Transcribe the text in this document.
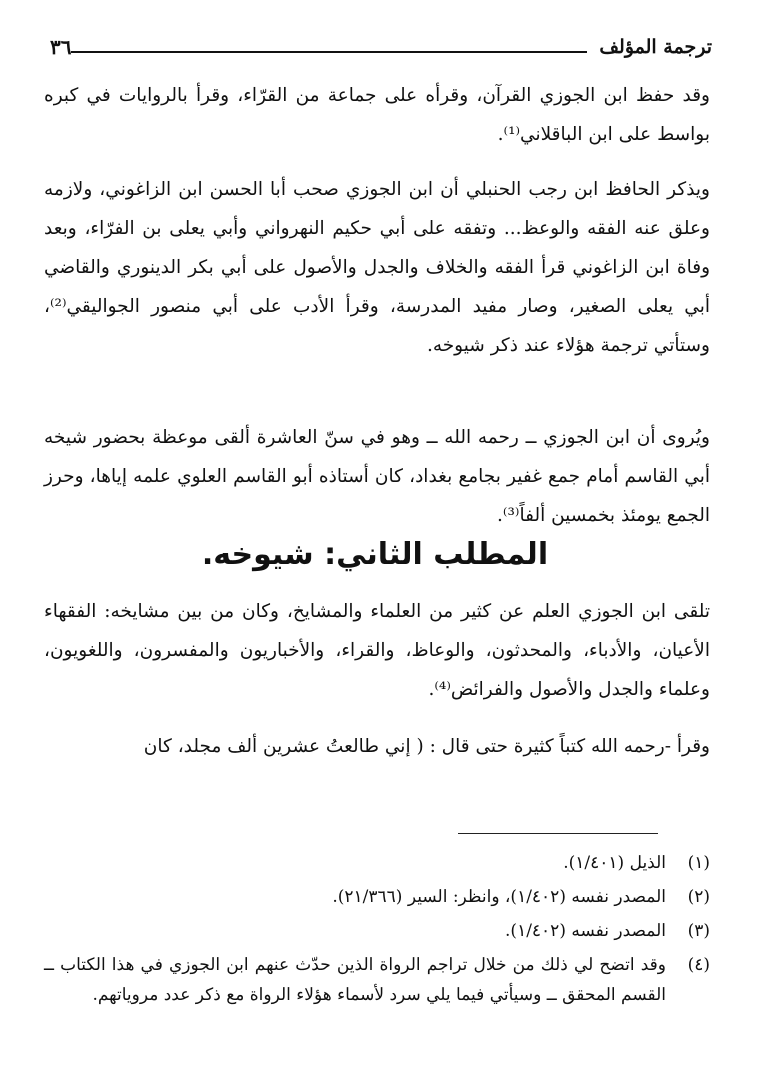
ترجمة المؤلف
٣٦

وقد حفظ ابن الجوزي القرآن، وقرأه على جماعة من القرّاء، وقرأ بالروايات في كبره بواسط على ابن الباقلاني⁽¹⁾.

ويذكر الحافظ ابن رجب الحنبلي أن ابن الجوزي صحب أبا الحسن ابن الزاغوني، ولازمه وعلق عنه الفقه والوعظ... وتفقه على أبي حكيم النهرواني وأبي يعلى بن الفرّاء، وبعد وفاة ابن الزاغوني قرأ الفقه والخلاف والجدل والأصول على أبي بكر الدينوري والقاضي أبي يعلى الصغير، وصار مفيد المدرسة، وقرأ الأدب على أبي منصور الجواليقي⁽²⁾، وستأتي ترجمة هؤلاء عند ذكر شيوخه.

ويُروى أن ابن الجوزي ــ رحمه الله ــ وهو في سنّ العاشرة ألقى موعظة بحضور شيخه أبي القاسم أمام جمع غفير بجامع بغداد، كان أستاذه أبو القاسم العلوي علمه إياها، وحرز الجمع يومئذ بخمسين ألفاً⁽³⁾.

المطلب الثاني: شيوخه.

تلقى ابن الجوزي العلم عن كثير من العلماء والمشايخ، وكان من بين مشايخه: الفقهاء الأعيان، والأدباء، والمحدثون، والوعاظ، والقراء، والأخباريون والمفسرون، واللغويون، وعلماء والجدل والأصول والفرائض⁽⁴⁾.

وقرأ -رحمه الله كتباً كثيرة حتى قال : ( إني طالعتُ عشرين ألف مجلد، كان

(١)
الذيل (١/٤٠١).
(٢)
المصدر نفسه (١/٤٠٢)، وانظر: السير (٢١/٣٦٦).
(٣)
المصدر نفسه (١/٤٠٢).
(٤)
وقد اتضح لي ذلك من خلال تراجم الرواة الذين حدّث عنهم ابن الجوزي في هذا الكتاب ــ القسم المحقق ــ وسيأتي فيما يلي سرد لأسماء هؤلاء الرواة مع ذكر عدد مروياتهم.
